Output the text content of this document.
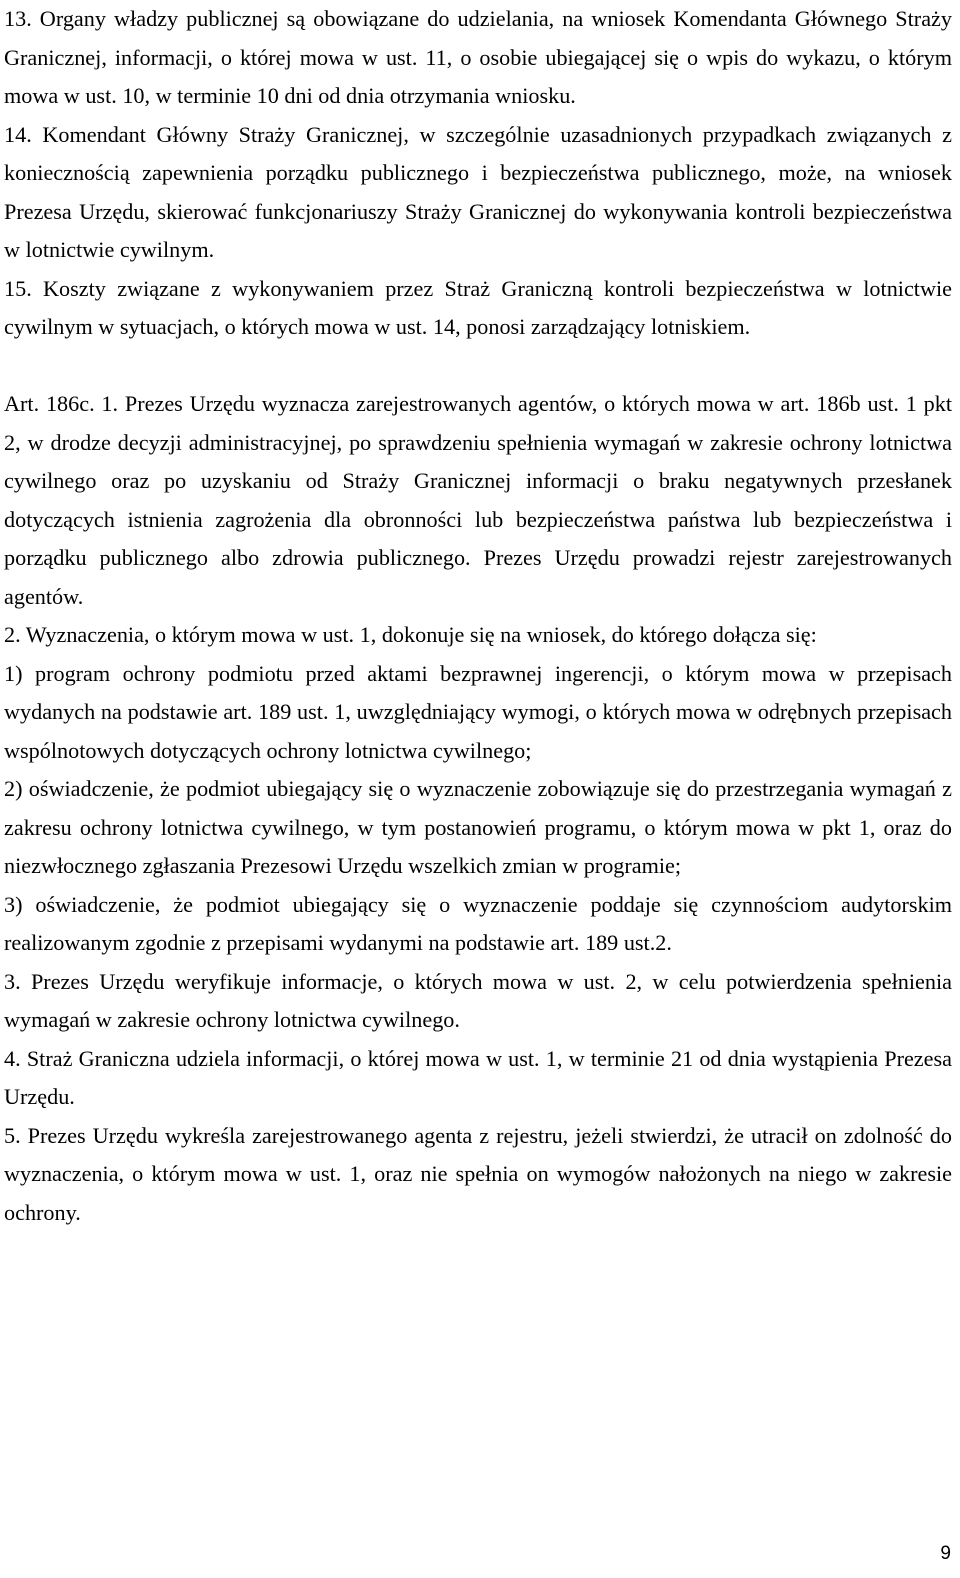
13. Organy władzy publicznej są obowiązane do udzielania, na wniosek Komendanta Głównego Straży Granicznej, informacji, o której mowa w ust. 11, o osobie ubiegającej się o wpis do wykazu, o którym mowa w ust. 10, w terminie 10 dni od dnia otrzymania wniosku.

14. Komendant Główny Straży Granicznej, w szczególnie uzasadnionych przypadkach związanych z koniecznością zapewnienia porządku publicznego i bezpieczeństwa publicznego, może, na wniosek Prezesa Urzędu, skierować funkcjonariuszy Straży Granicznej do wykonywania kontroli bezpieczeństwa w lotnictwie cywilnym.

15. Koszty związane z wykonywaniem przez Straż Graniczną kontroli bezpieczeństwa w lotnictwie cywilnym w sytuacjach, o których mowa w ust. 14, ponosi zarządzający lotniskiem.

Art. 186c. 1. Prezes Urzędu wyznacza zarejestrowanych agentów, o których mowa w art. 186b ust. 1 pkt 2, w drodze decyzji administracyjnej, po sprawdzeniu spełnienia wymagań w zakresie ochrony lotnictwa cywilnego oraz po uzyskaniu od Straży Granicznej informacji o braku negatywnych przesłanek dotyczących istnienia zagrożenia dla obronności lub bezpieczeństwa państwa lub bezpieczeństwa i porządku publicznego albo zdrowia publicznego. Prezes Urzędu prowadzi rejestr zarejestrowanych agentów.

2. Wyznaczenia, o którym mowa w ust. 1, dokonuje się na wniosek, do którego dołącza się:

1) program ochrony podmiotu przed aktami bezprawnej ingerencji, o którym mowa w przepisach wydanych na podstawie art. 189 ust. 1, uwzględniający wymogi, o których mowa w odrębnych przepisach wspólnotowych dotyczących ochrony lotnictwa cywilnego;

2) oświadczenie, że podmiot ubiegający się o wyznaczenie zobowiązuje się do przestrzegania wymagań z zakresu ochrony lotnictwa cywilnego, w tym postanowień programu, o którym mowa w pkt 1, oraz do niezwłocznego zgłaszania Prezesowi Urzędu wszelkich zmian w programie;

3) oświadczenie, że podmiot ubiegający się o wyznaczenie poddaje się czynnościom audytorskim realizowanym zgodnie z przepisami wydanymi na podstawie art. 189 ust.2.

3. Prezes Urzędu weryfikuje informacje, o których mowa w ust. 2, w celu potwierdzenia spełnienia wymagań w zakresie ochrony lotnictwa cywilnego.

4. Straż Graniczna udziela informacji, o której mowa w ust. 1, w terminie 21 od dnia wystąpienia Prezesa Urzędu.

5. Prezes Urzędu wykreśla zarejestrowanego agenta z rejestru, jeżeli stwierdzi, że utracił on zdolność do wyznaczenia, o którym mowa w ust. 1, oraz nie spełnia on wymogów nałożonych na niego w zakresie ochrony.

9
